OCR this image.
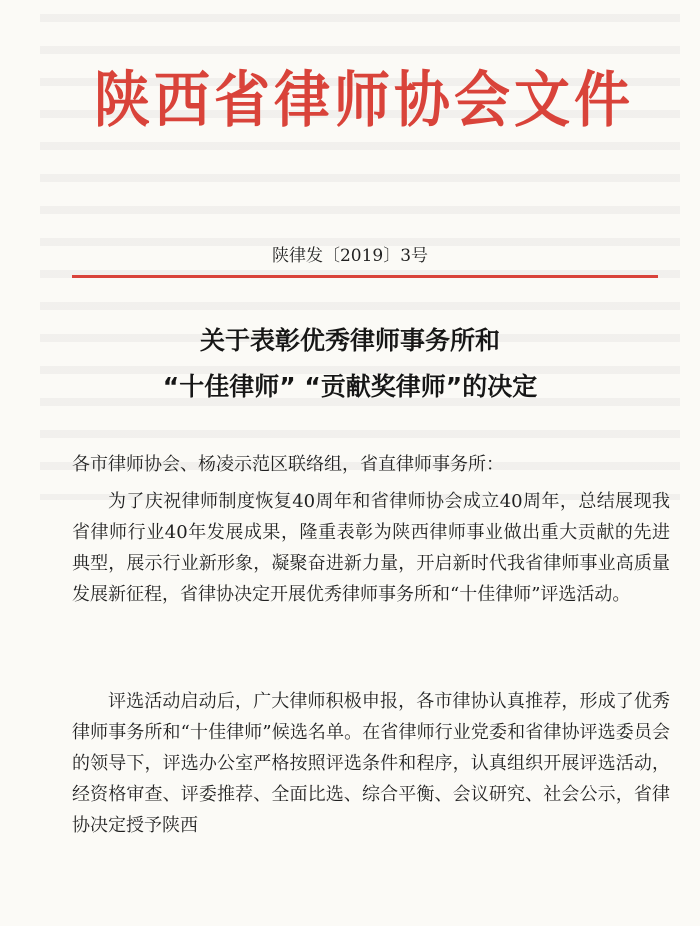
陕西省律师协会文件
陕律发〔2019〕3号
关于表彰优秀律师事务所和
“十佳律师” “贡献奖律师”的决定
各市律师协会、杨凌示范区联络组，省直律师事务所：
为了庆祝律师制度恢复40周年和省律师协会成立40周年，总结展现我省律师行业40年发展成果，隆重表彰为陕西律师事业做出重大贡献的先进典型，展示行业新形象，凝聚奋进新力量，开启新时代我省律师事业高质量发展新征程，省律协决定开展优秀律师事务所和“十佳律师”评选活动。
评选活动启动后，广大律师积极申报，各市律协认真推荐，形成了优秀律师事务所和“十佳律师”候选名单。在省律师行业党委和省律协评选委员会的领导下，评选办公室严格按照评选条件和程序，认真组织开展评选活动，经资格审查、评委推荐、全面比选、综合平衡、会议研究、社会公示，省律协决定授予陕西
